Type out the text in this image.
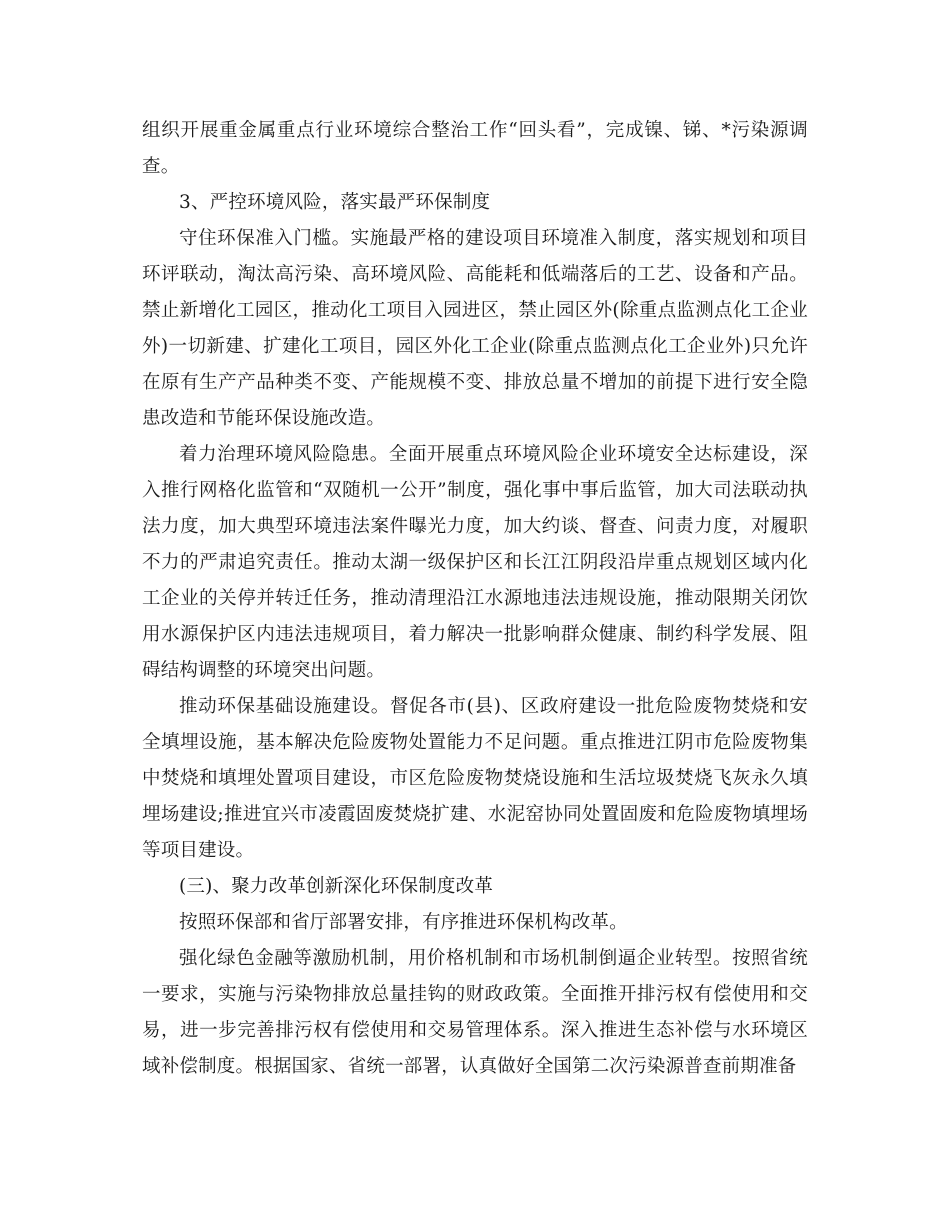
组织开展重金属重点行业环境综合整治工作“回头看”，完成镍、锑、*污染源调查。

3、严控环境风险，落实最严环保制度

守住环保准入门槛。实施最严格的建设项目环境准入制度，落实规划和项目环评联动，淘汰高污染、高环境风险、高能耗和低端落后的工艺、设备和产品。禁止新增化工园区，推动化工项目入园进区，禁止园区外(除重点监测点化工企业外)一切新建、扩建化工项目，园区外化工企业(除重点监测点化工企业外)只允许在原有生产产品种类不变、产能规模不变、排放总量不增加的前提下进行安全隐患改造和节能环保设施改造。

着力治理环境风险隐患。全面开展重点环境风险企业环境安全达标建设，深入推行网格化监管和“双随机一公开”制度，强化事中事后监管，加大司法联动执法力度，加大典型环境违法案件曝光力度，加大约谈、督查、问责力度，对履职不力的严肃追究责任。推动太湖一级保护区和长江江阴段沿岸重点规划区域内化工企业的关停并转迁任务，推动清理沿江水源地违法违规设施，推动限期关闭饮用水源保护区内违法违规项目，着力解决一批影响群众健康、制约科学发展、阻碍结构调整的环境突出问题。

推动环保基础设施建设。督促各市(县)、区政府建设一批危险废物焚烧和安全填埋设施，基本解决危险废物处置能力不足问题。重点推进江阴市危险废物集中焚烧和填埋处置项目建设，市区危险废物焚烧设施和生活垃圾焚烧飞灰永久填埋场建设;推进宜兴市凌霞固废焚烧扩建、水泥窑协同处置固废和危险废物填埋场等项目建设。

(三)、聚力改革创新深化环保制度改革

按照环保部和省厅部署安排，有序推进环保机构改革。

强化绿色金融等激励机制，用价格机制和市场机制倒逼企业转型。按照省统一要求，实施与污染物排放总量挂钩的财政政策。全面推开排污权有偿使用和交易，进一步完善排污权有偿使用和交易管理体系。深入推进生态补偿与水环境区域补偿制度。根据国家、省统一部署，认真做好全国第二次污染源普查前期准备
